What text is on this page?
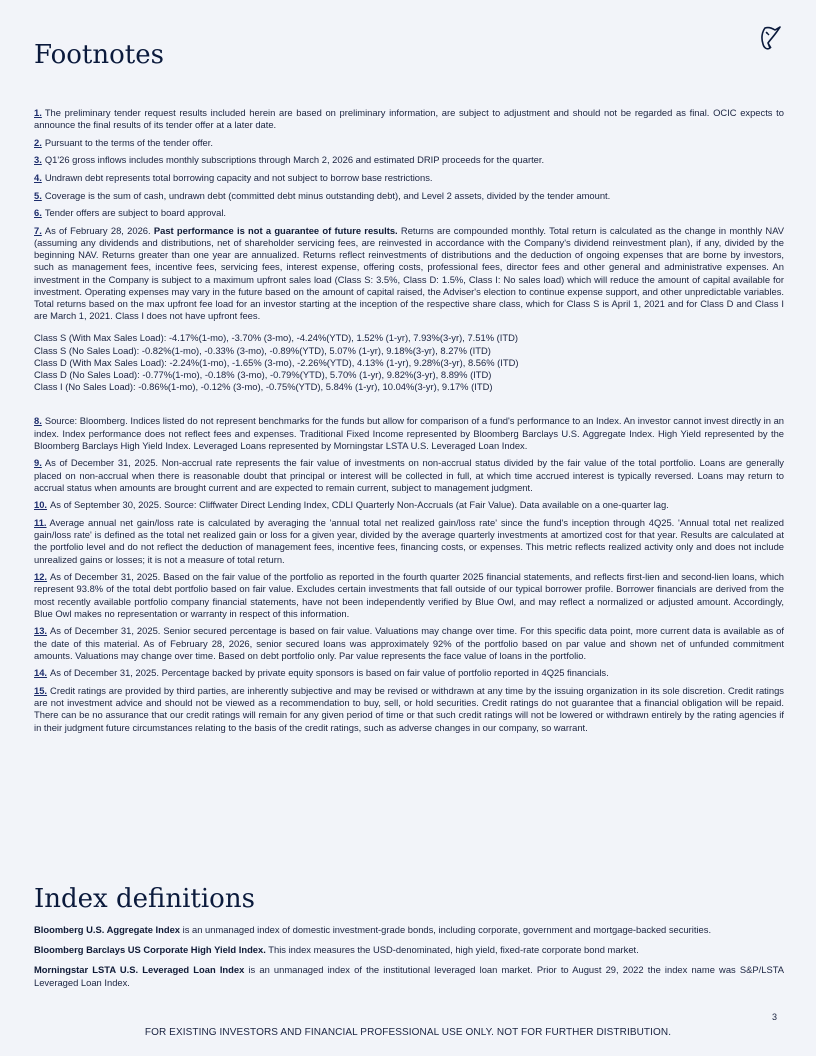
Footnotes

1. The preliminary tender request results included herein are based on preliminary information, are subject to adjustment and should not be regarded as final. OCIC expects to announce the final results of its tender offer at a later date.

2. Pursuant to the terms of the tender offer.

3. Q1'26 gross inflows includes monthly subscriptions through March 2, 2026 and estimated DRIP proceeds for the quarter.

4. Undrawn debt represents total borrowing capacity and not subject to borrow base restrictions.

5. Coverage is the sum of cash, undrawn debt (committed debt minus outstanding debt), and Level 2 assets, divided by the tender amount.

6. Tender offers are subject to board approval.

7. As of February 28, 2026. Past performance is not a guarantee of future results. Returns are compounded monthly. Total return is calculated as the change in monthly NAV (assuming any dividends and distributions, net of shareholder servicing fees, are reinvested in accordance with the Company's dividend reinvestment plan), if any, divided by the beginning NAV. Returns greater than one year are annualized. Returns reflect reinvestments of distributions and the deduction of ongoing expenses that are borne by investors, such as management fees, incentive fees, servicing fees, interest expense, offering costs, professional fees, director fees and other general and administrative expenses. An investment in the Company is subject to a maximum upfront sales load (Class S: 3.5%, Class D: 1.5%, Class I: No sales load) which will reduce the amount of capital available for investment. Operating expenses may vary in the future based on the amount of capital raised, the Adviser's election to continue expense support, and other unpredictable variables. Total returns based on the max upfront fee load for an investor starting at the inception of the respective share class, which for Class S is April 1, 2021 and for Class D and Class I are March 1, 2021. Class I does not have upfront fees.

Class S (With Max Sales Load): -4.17%(1-mo), -3.70% (3-mo), -4.24%(YTD), 1.52% (1-yr), 7.93%(3-yr), 7.51% (ITD)
Class S (No Sales Load): -0.82%(1-mo), -0.33% (3-mo), -0.89%(YTD), 5.07% (1-yr), 9.18%(3-yr), 8.27% (ITD)
Class D (With Max Sales Load): -2.24%(1-mo), -1.65% (3-mo), -2.26%(YTD), 4.13% (1-yr), 9.28%(3-yr), 8.56% (ITD)
Class D (No Sales Load): -0.77%(1-mo), -0.18% (3-mo), -0.79%(YTD), 5.70% (1-yr), 9.82%(3-yr), 8.89% (ITD)
Class I (No Sales Load): -0.86%(1-mo), -0.12% (3-mo), -0.75%(YTD), 5.84% (1-yr), 10.04%(3-yr), 9.17% (ITD)

8. Source: Bloomberg. Indices listed do not represent benchmarks for the funds but allow for comparison of a fund's performance to an Index. An investor cannot invest directly in an index. Index performance does not reflect fees and expenses. Traditional Fixed Income represented by Bloomberg Barclays U.S. Aggregate Index. High Yield represented by the Bloomberg Barclays High Yield Index. Leveraged Loans represented by Morningstar LSTA U.S. Leveraged Loan Index.

9. As of December 31, 2025. Non-accrual rate represents the fair value of investments on non-accrual status divided by the fair value of the total portfolio. Loans are generally placed on non-accrual when there is reasonable doubt that principal or interest will be collected in full, at which time accrued interest is typically reversed. Loans may return to accrual status when amounts are brought current and are expected to remain current, subject to management judgment.

10. As of September 30, 2025. Source: Cliffwater Direct Lending Index, CDLI Quarterly Non-Accruals (at Fair Value). Data available on a one-quarter lag.

11. Average annual net gain/loss rate is calculated by averaging the 'annual total net realized gain/loss rate' since the fund's inception through 4Q25. 'Annual total net realized gain/loss rate' is defined as the total net realized gain or loss for a given year, divided by the average quarterly investments at amortized cost for that year. Results are calculated at the portfolio level and do not reflect the deduction of management fees, incentive fees, financing costs, or expenses. This metric reflects realized activity only and does not include unrealized gains or losses; it is not a measure of total return.

12. As of December 31, 2025. Based on the fair value of the portfolio as reported in the fourth quarter 2025 financial statements, and reflects first-lien and second-lien loans, which represent 93.8% of the total debt portfolio based on fair value. Excludes certain investments that fall outside of our typical borrower profile. Borrower financials are derived from the most recently available portfolio company financial statements, have not been independently verified by Blue Owl, and may reflect a normalized or adjusted amount. Accordingly, Blue Owl makes no representation or warranty in respect of this information.

13. As of December 31, 2025. Senior secured percentage is based on fair value. Valuations may change over time. For this specific data point, more current data is available as of the date of this material. As of February 28, 2026, senior secured loans was approximately 92% of the portfolio based on par value and shown net of unfunded commitment amounts. Valuations may change over time. Based on debt portfolio only. Par value represents the face value of loans in the portfolio.

14. As of December 31, 2025. Percentage backed by private equity sponsors is based on fair value of portfolio reported in 4Q25 financials.

15. Credit ratings are provided by third parties, are inherently subjective and may be revised or withdrawn at any time by the issuing organization in its sole discretion. Credit ratings are not investment advice and should not be viewed as a recommendation to buy, sell, or hold securities. Credit ratings do not guarantee that a financial obligation will be repaid. There can be no assurance that our credit ratings will remain for any given period of time or that such credit ratings will not be lowered or withdrawn entirely by the rating agencies if in their judgment future circumstances relating to the basis of the credit ratings, such as adverse changes in our company, so warrant.

Index definitions

Bloomberg U.S. Aggregate Index is an unmanaged index of domestic investment-grade bonds, including corporate, government and mortgage-backed securities.

Bloomberg Barclays US Corporate High Yield Index. This index measures the USD-denominated, high yield, fixed-rate corporate bond market.

Morningstar LSTA U.S. Leveraged Loan Index is an unmanaged index of the institutional leveraged loan market. Prior to August 29, 2022 the index name was S&P/LSTA Leveraged Loan Index.

3
FOR EXISTING INVESTORS AND FINANCIAL PROFESSIONAL USE ONLY. NOT FOR FURTHER DISTRIBUTION.
